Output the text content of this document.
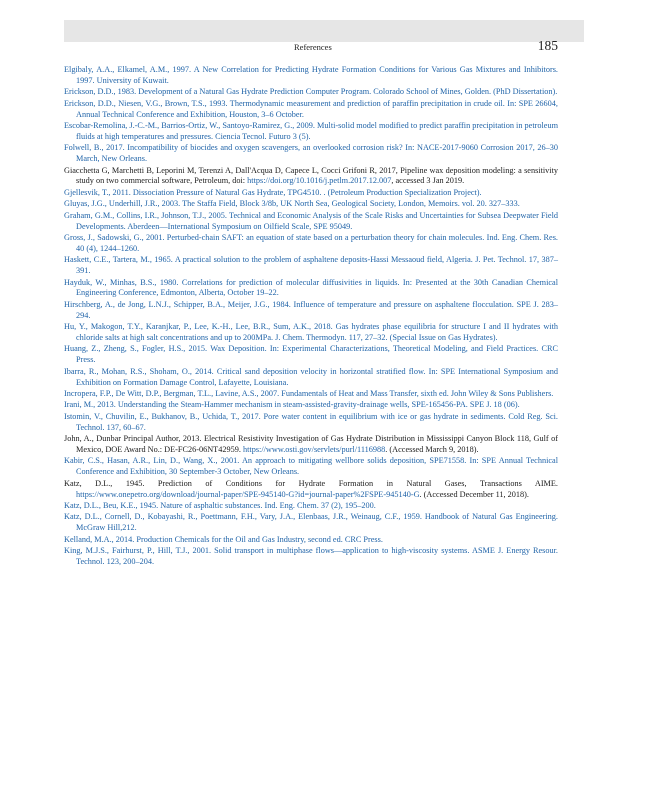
References	185

Elgibaly, A.A., Elkamel, A.M., 1997. A New Correlation for Predicting Hydrate Formation Conditions for Various Gas Mixtures and Inhibitors. 1997. University of Kuwait.

Erickson, D.D., 1983. Development of a Natural Gas Hydrate Prediction Computer Program. Colorado School of Mines, Golden. (PhD Dissertation).

Erickson, D.D., Niesen, V.G., Brown, T.S., 1993. Thermodynamic measurement and prediction of paraffin precipitation in crude oil. In: SPE 26604, Annual Technical Conference and Exhibition, Houston, 3–6 October.

Escobar-Remolina, J.-C.-M., Barrios-Ortiz, W., Santoyo-Ramirez, G., 2009. Multi-solid model modified to predict paraffin precipitation in petroleum fluids at high temperatures and pressures. Ciencia Tecnol. Futuro 3 (5).

Folwell, B., 2017. Incompatibility of biocides and oxygen scavengers, an overlooked corrosion risk? In: NACE-2017-9060 Corrosion 2017, 26–30 March, New Orleans.

Giacchetta G, Marchetti B, Leporini M, Terenzi A, Dall'Acqua D, Capece L, Cocci Grifoni R, 2017, Pipeline wax deposition modeling: a sensitivity study on two commercial software, Petroleum, doi: https://doi.org/10.1016/j.petlm.2017.12.007, accessed 3 Jan 2019.

Gjellesvik, T., 2011. Dissociation Pressure of Natural Gas Hydrate, TPG4510. . (Petroleum Production Specialization Project).

Gluyas, J.G., Underhill, J.R., 2003. The Staffa Field, Block 3/8b, UK North Sea, Geological Society, London, Memoirs. vol. 20. 327–333.

Graham, G.M., Collins, I.R., Johnson, T.J., 2005. Technical and Economic Analysis of the Scale Risks and Uncertainties for Subsea Deepwater Field Developments. Aberdeen—International Symposium on Oilfield Scale, SPE 95049.

Gross, J., Sadowski, G., 2001. Perturbed-chain SAFT: an equation of state based on a perturbation theory for chain molecules. Ind. Eng. Chem. Res. 40 (4), 1244–1260.

Haskett, C.E., Tartera, M., 1965. A practical solution to the problem of asphaltene deposits-Hassi Messaoud field, Algeria. J. Pet. Technol. 17, 387–391.

Hayduk, W., Minhas, B.S., 1980. Correlations for prediction of molecular diffusivities in liquids. In: Presented at the 30th Canadian Chemical Engineering Conference, Edmonton, Alberta, October 19–22.

Hirschberg, A., de Jong, L.N.J., Schipper, B.A., Meijer, J.G., 1984. Influence of temperature and pressure on asphaltene flocculation. SPE J. 283–294.

Hu, Y., Makogon, T.Y., Karanjkar, P., Lee, K.-H., Lee, B.R., Sum, A.K., 2018. Gas hydrates phase equilibria for structure I and II hydrates with chloride salts at high salt concentrations and up to 200MPa. J. Chem. Thermodyn. 117, 27–32. (Special Issue on Gas Hydrates).

Huang, Z., Zheng, S., Fogler, H.S., 2015. Wax Deposition. In: Experimental Characterizations, Theoretical Modeling, and Field Practices. CRC Press.

Ibarra, R., Mohan, R.S., Shoham, O., 2014. Critical sand deposition velocity in horizontal stratified flow. In: SPE International Symposium and Exhibition on Formation Damage Control, Lafayette, Louisiana.

Incropera, F.P., De Witt, D.P., Bergman, T.L., Lavine, A.S., 2007. Fundamentals of Heat and Mass Transfer, sixth ed. John Wiley & Sons Publishers.

Irani, M., 2013. Understanding the Steam-Hammer mechanism in steam-assisted-gravity-drainage wells, SPE-165456-PA. SPE J. 18 (06).

Istomin, V., Chuvilin, E., Bukhanov, B., Uchida, T., 2017. Pore water content in equilibrium with ice or gas hydrate in sediments. Cold Reg. Sci. Technol. 137, 60–67.

John, A., Dunbar Principal Author, 2013. Electrical Resistivity Investigation of Gas Hydrate Distribution in Mississippi Canyon Block 118, Gulf of Mexico, DOE Award No.: DE-FC26-06NT42959. https://www.osti.gov/servlets/purl/1116988. (Accessed March 9, 2018).

Kabir, C.S., Hasan, A.R., Lin, D., Wang, X., 2001. An approach to mitigating wellbore solids deposition, SPE71558. In: SPE Annual Technical Conference and Exhibition, 30 September-3 October, New Orleans.

Katz, D.L., 1945. Prediction of Conditions for Hydrate Formation in Natural Gases, Transactions AIME. https://www.onepetro.org/download/journal-paper/SPE-945140-G?id=journal-paper%2FSPE-945140-G. (Accessed December 11, 2018).

Katz, D.L., Beu, K.E., 1945. Nature of asphaltic substances. Ind. Eng. Chem. 37 (2), 195–200.

Katz, D.L., Cornell, D., Kobayashi, R., Poettmann, F.H., Vary, J.A., Elenbaas, J.R., Weinaug, C.F., 1959. Handbook of Natural Gas Engineering. McGraw Hill,212.

Kelland, M.A., 2014. Production Chemicals for the Oil and Gas Industry, second ed. CRC Press.

King, M.J.S., Fairhurst, P., Hill, T.J., 2001. Solid transport in multiphase flows—application to high-viscosity systems. ASME J. Energy Resour. Technol. 123, 200–204.
